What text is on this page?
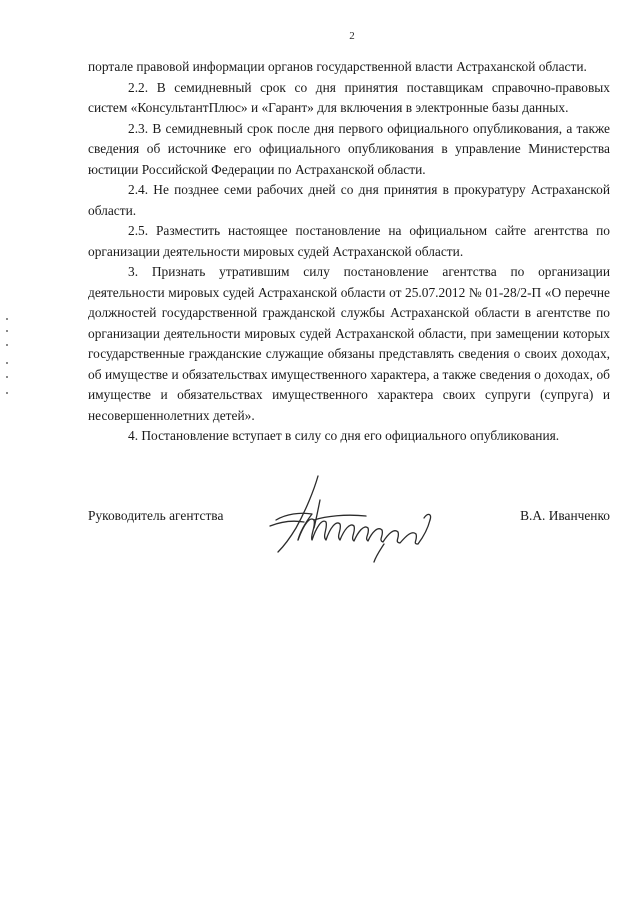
2

порталe правовой информации органов государственной власти Астраханской области.

2.2. В семидневный срок со дня принятия поставщикам справочно-правовых систем «КонсультантПлюс» и «Гарант» для включения в электронные базы данных.

2.3. В семидневный срок после дня первого официального опубликования, а также сведения об источнике его официального опубликования в управление Министерства юстиции Российской Федерации по Астраханской области.

2.4. Не позднее семи рабочих дней со дня принятия в прокуратуру Астраханской области.

2.5. Разместить настоящее постановление на официальном сайте агентства по организации деятельности мировых судей Астраханской области.

3. Признать утратившим силу постановление агентства по организации деятельности мировых судей Астраханской области от 25.07.2012 № 01-28/2-П «О перечне должностей государственной гражданской службы Астраханской области в агентстве по организации деятельности мировых судей Астраханской области, при замещении которых государственные гражданские служащие обязаны представлять сведения о своих доходах, об имуществе и обязательствах имущественного характера, а также сведения о доходах, об имуществе и обязательствах имущественного характера своих супруги (супруга) и несовершеннолетних детей».

4. Постановление вступает в силу со дня его официального опубликования.

Руководитель агентства	В.А. Иванченко
